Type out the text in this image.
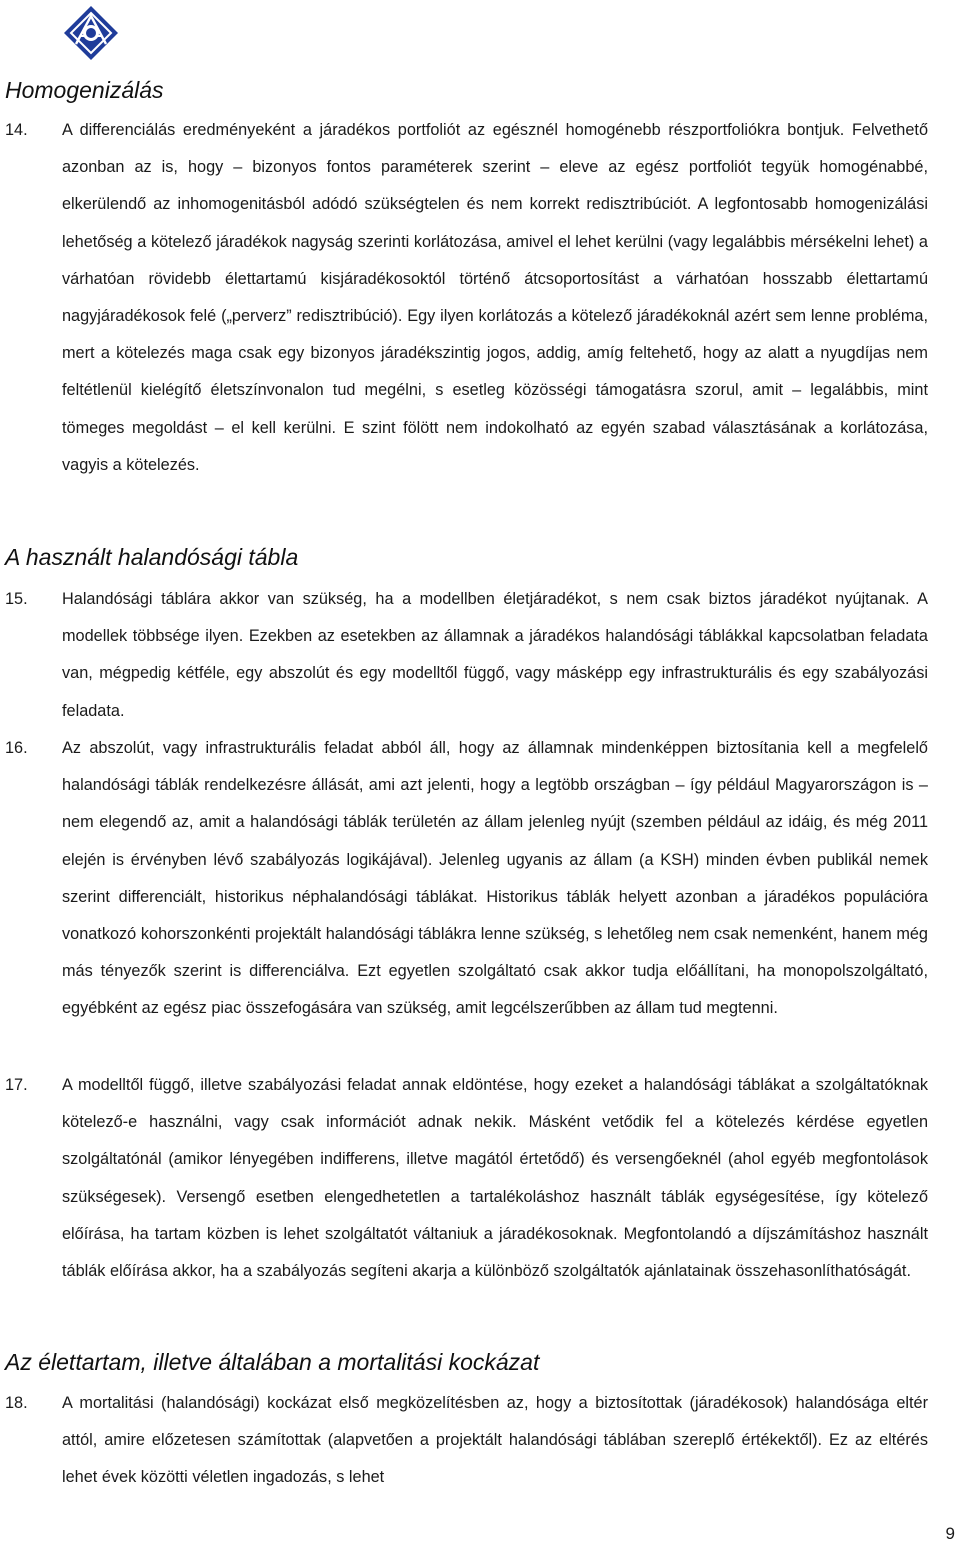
Homogenizálás
14. A differenciálás eredményeként a járadékos portfoliót az egésznél homogénebb részportfoliókra bontjuk. Felvethető azonban az is, hogy – bizonyos fontos paraméterek szerint – eleve az egész portfoliót tegyük homogénabbé, elkerülendő az inhomogenitásból adódó szükségtelen és nem korrekt redisztribúciót. A legfontosabb homogenizálási lehetőség a kötelező járadékok nagyság szerinti korlátozása, amivel el lehet kerülni (vagy legalábbis mérsékelni lehet) a várhatóan rövidebb élettartamú kisjáradékosoktól történő átcsoportosítást a várhatóan hosszabb élettartamú nagyjáradékosok felé („perverz” redisztribúció). Egy ilyen korlátozás a kötelező járadékoknál azért sem lenne probléma, mert a kötelezés maga csak egy bizonyos járadékszintig jogos, addig, amíg feltehető, hogy az alatt a nyugdíjas nem feltétlenül kielégítő életszínvonalon tud megélni, s esetleg közösségi támogatásra szorul, amit – legalábbis, mint tömeges megoldást – el kell kerülni. E szint fölött nem indokolható az egyén szabad választásának a korlátozása, vagyis a kötelezés.

A használt halandósági tábla
15. Halandósági táblára akkor van szükség, ha a modellben életjáradékot, s nem csak biztos járadékot nyújtanak. A modellek többsége ilyen. Ezekben az esetekben az államnak a járadékos halandósági táblákkal kapcsolatban feladata van, mégpedig kétféle, egy abszolút és egy modelltől függő, vagy másképp egy infrastrukturális és egy szabályozási feladata.

16. Az abszolút, vagy infrastrukturális feladat abból áll, hogy az államnak mindenképpen biztosítania kell a megfelelő halandósági táblák rendelkezésre állását, ami azt jelenti, hogy a legtöbb országban – így például Magyarországon is – nem elegendő az, amit a halandósági táblák területén az állam jelenleg nyújt (szemben például az idáig, és még 2011 elején is érvényben lévő szabályozás logikájával). Jelenleg ugyanis az állam (a KSH) minden évben publikál nemek szerint differenciált, historikus néphalandósági táblákat. Historikus táblák helyett azonban a járadékos populációra vonatkozó kohorszonkénti projektált halandósági táblákra lenne szükség, s lehetőleg nem csak nemenként, hanem még más tényezők szerint is differenciálva. Ezt egyetlen szolgáltató csak akkor tudja előállítani, ha monopolszolgáltató, egyébként az egész piac összefogására van szükség, amit legcélszerűbben az állam tud megtenni.

17. A modelltől függő, illetve szabályozási feladat annak eldöntése, hogy ezeket a halandósági táblákat a szolgáltatóknak kötelező-e használni, vagy csak információt adnak nekik. Másként vetődik fel a kötelezés kérdése egyetlen szolgáltatónál (amikor lényegében indifferens, illetve magától értetődő) és versengőeknél (ahol egyéb megfontolások szükségesek). Versengő esetben elengedhetetlen a tartalékoláshoz használt táblák egységesítése, így kötelező előírása, ha tartam közben is lehet szolgáltatót váltaniuk a járadékosoknak. Megfontolandó a díjszámításhoz használt táblák előírása akkor, ha a szabályozás segíteni akarja a különböző szolgáltatók ajánlatainak összehasonlíthatóságát.

Az élettartam, illetve általában a mortalitási kockázat
18. A mortalitási (halandósági) kockázat első megközelítésben az, hogy a biztosítottak (járadékosok) halandósága eltér attól, amire előzetesen számítottak (alapvetően a projektált halandósági táblában szereplő értékektől). Ez az eltérés lehet évek közötti véletlen ingadozás, s lehet

9
